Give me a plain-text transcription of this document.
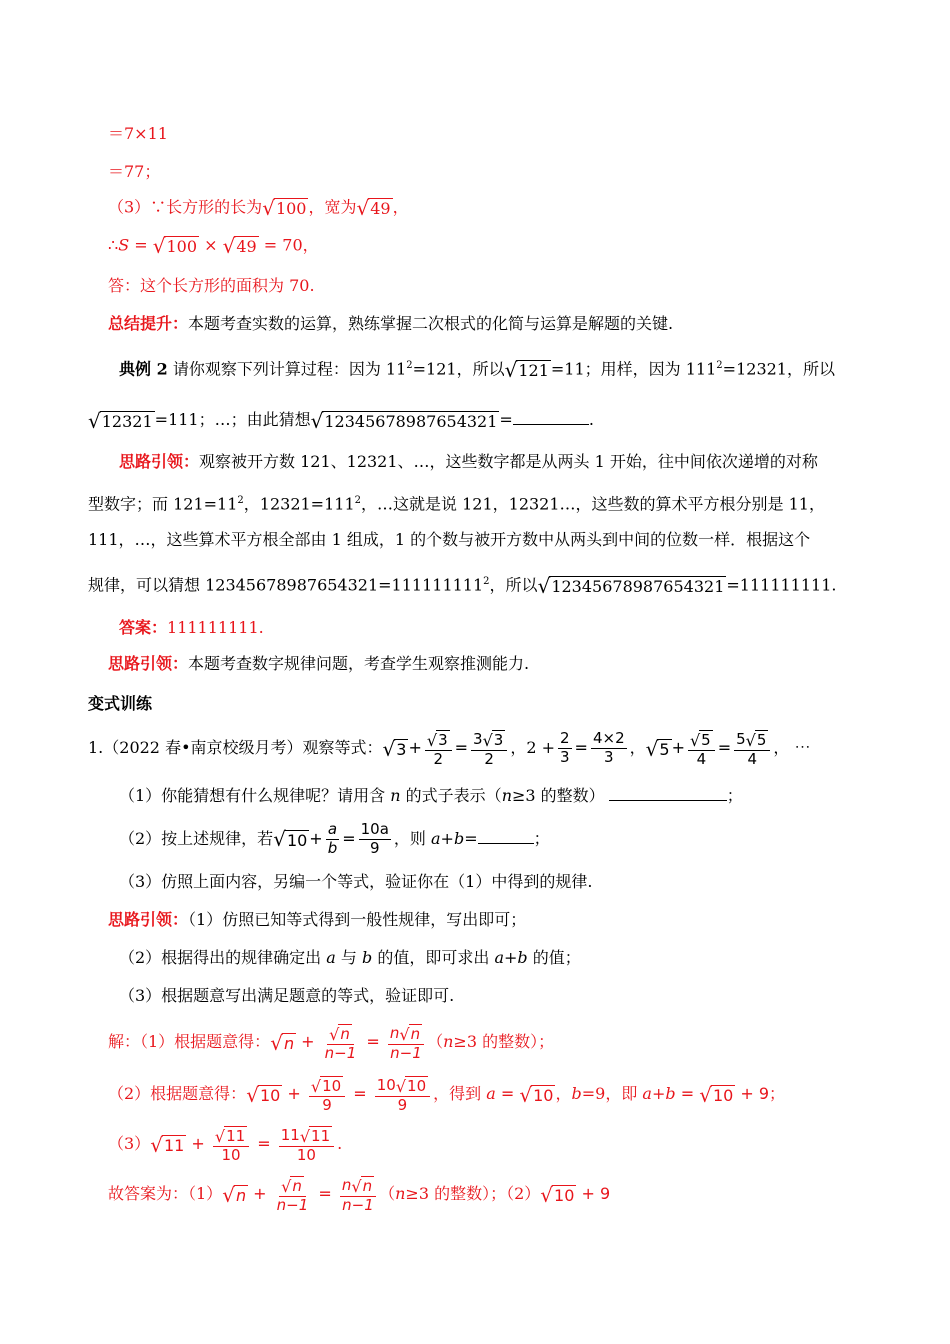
＝7×11
＝77；
（3）∵长方形的长为 √ 100 ，宽为 √ 49 ，
∴S = √ 100 × √ 49 = 70，
答：这个长方形的面积为 70.
总结提升：本题考查实数的运算，熟练掌握二次根式的化简与运算是解题的关键.
典例 2 请你观察下列计算过程：因为 $11^2=121$，所以 √ 121 =11；用样，因为 $111^2=12321$，所以
√ 12321 =111；…；由此猜想 √ 12345678987654321 =	.
思路引领：观察被开方数 121、12321、…，这些数字都是从两头 1 开始，往中间依次递增的对称
型数字；而 $121=11^2$，$12321=111^2$，…这就是说 121，12321…，这些数的算术平方根分别是 11，
111，…，这些算术平方根全部由 1 组成，1 的个数与被开方数中从两头到中间的位数一样．根据这个
规律，可以猜想 $12345678987654321=111111111^2$，所以 √ 12345678987654321 =111111111.
答案：111111111.
思路引领：本题考查数字规律问题，考查学生观察推测能力.
变式训练
1.（2022 春•南京校级月考）观察等式： √ $3 + \frac{√ 3}{2} = \frac{3 √ 3}{2}$ ，$2 + \frac{2}{3} = \frac{4\times 2}{3}$ ， √ $5 + \frac{√ 5}{4} = \frac{5 √ 5}{4}$ ， ⋯
（1）你能猜想有什么规律呢？请用含 n 的式子表示（n≥3 的整数）	；
（2）按上述规律，若 √ $10 + \frac{a}{b} = \frac{10a}{9}$ ，则 a+b=	；
（3）仿照上面内容，另编一个等式，验证你在（1）中得到的规律.
思路引领：（1）仿照已知等式得到一般性规律，写出即可；
（2）根据得出的规律确定出 a 与 b 的值，即可求出 a+b 的值；
（3）根据题意写出满足题意的等式，验证即可.
解：（1）根据题意得： √ $n + \frac{√ n}{n-1} = \frac{n √ n}{n-1} (n\ge 3$ 的整数）；
（2）根据题意得： √ $10 + \frac{√ 10}{9} = \frac{10 √ 10}{9}$ ，得到 a = √ 10 ，b=9，即 a+b = √ 10 + 9；
（3） √ $11 + \frac{√ 11}{10} = \frac{11 √ 11}{10}$ .
故答案为：（1） √ $n + \frac{√ n}{n-1} = \frac{n √ n}{n-1} (n\ge 3$ 的整数）；（2） √ 10 + 9
